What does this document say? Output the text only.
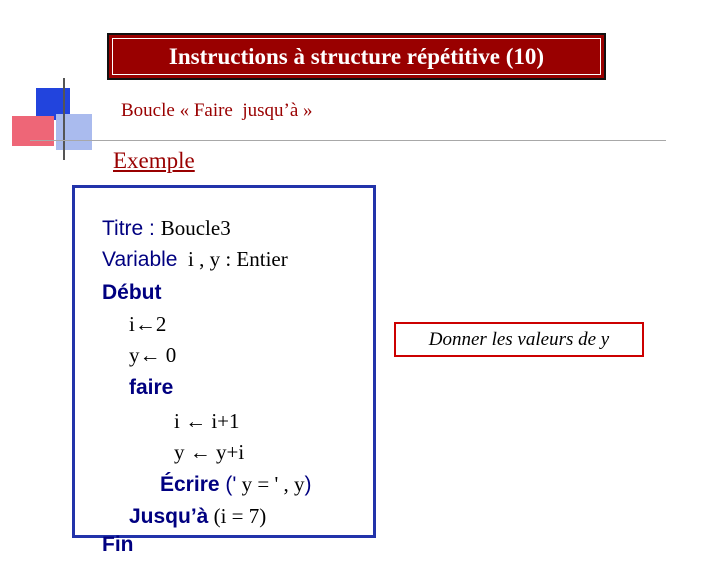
Instructions à structure répétitive (10)
Boucle « Faire  jusqu’à »
Exemple

Titre : Boucle3

Variable  i , y : Entier

Début

i←2

y← 0

faire

i ← i+1

y ← y+i

Écrire (' y = ' , y)

Jusqu’à (i = 7)

Fin

Donner les valeurs de y
